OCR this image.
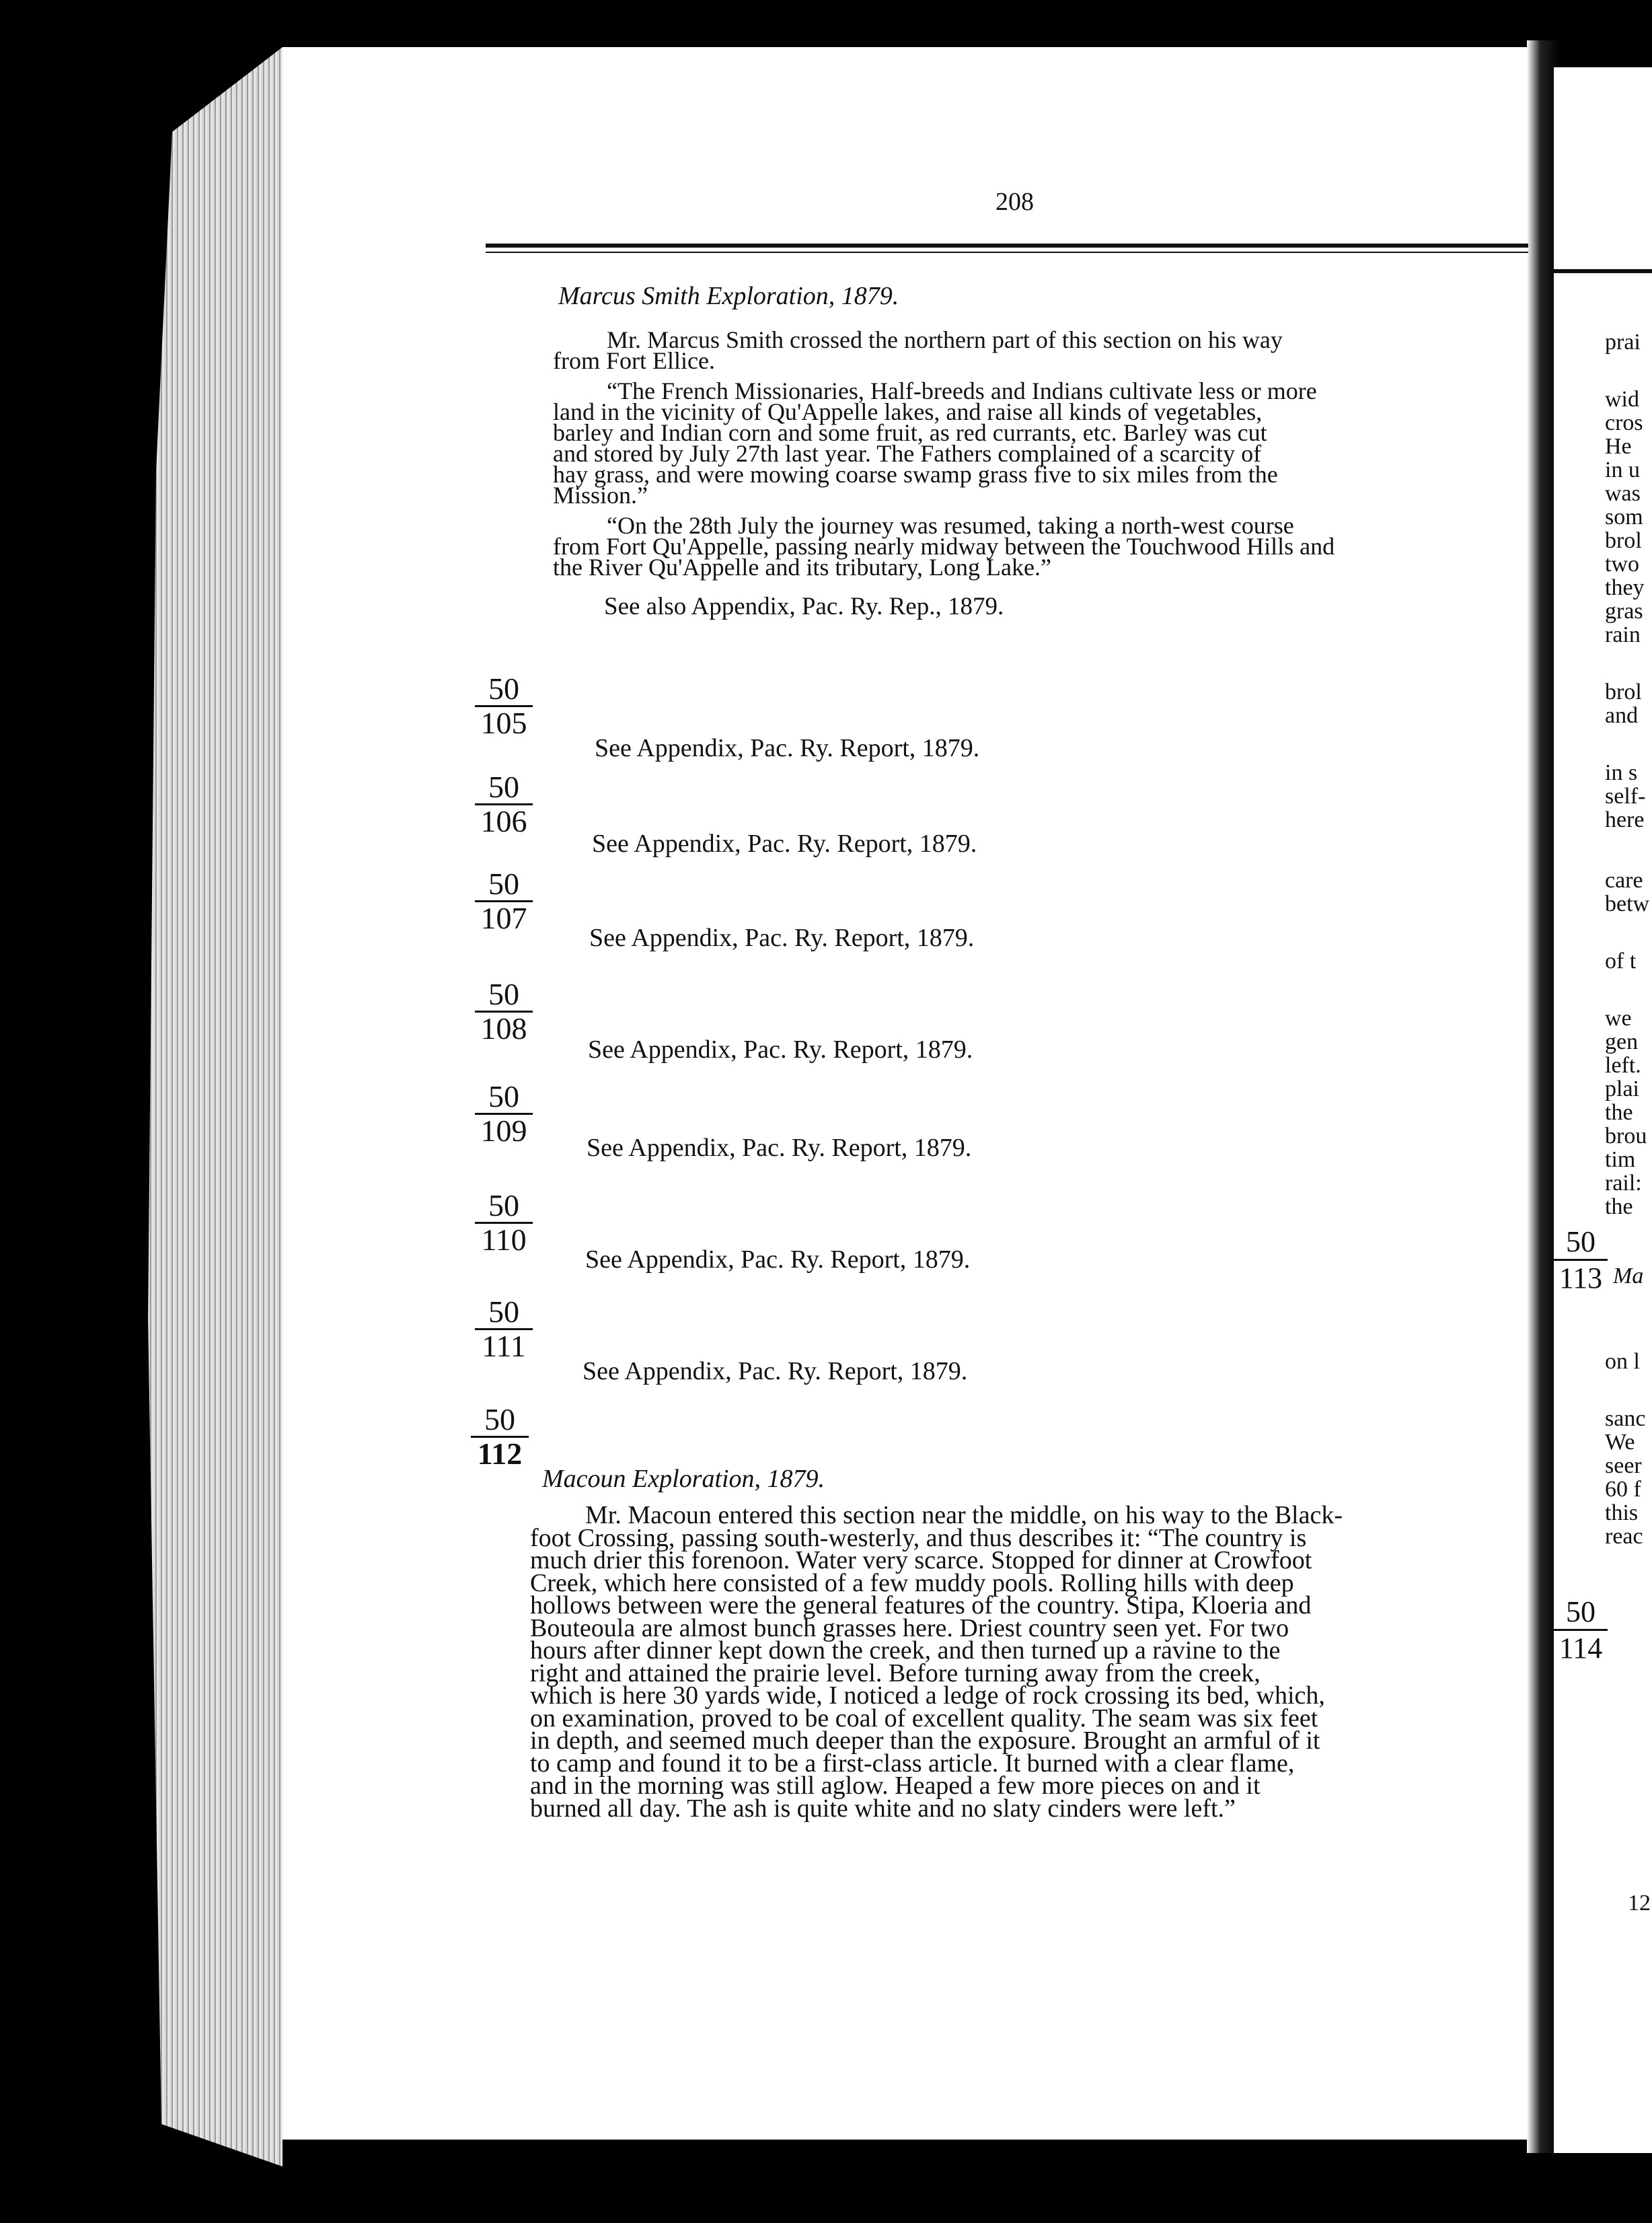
prai
wid
cros
He
in u
was
som
brol
two
they
gras
rain
brol
and
in s
self-
here
care
betw
of t
we
gen
left.
plai
the
brou
tim
rail:
the
$\frac{50}{113}$ Ma
on l
sanc
We
seer
60 f
this
reac
$\frac{50}{114}$
12
208
Marcus Smith Exploration, 1879.
Mr. Marcus Smith crossed the northern part of this section on his way
from Fort Ellice.
“The French Missionaries, Half-breeds and Indians cultivate less or more
land in the vicinity of Qu'Appelle lakes, and raise all kinds of vegetables,
barley and Indian corn and some fruit, as red currants, etc. Barley was cut
and stored by July 27th last year. The Fathers complained of a scarcity of
hay grass, and were mowing coarse swamp grass five to six miles from the
Mission.”
“On the 28th July the journey was resumed, taking a north-west course
from Fort Qu'Appelle, passing nearly midway between the Touchwood Hills and
the River Qu'Appelle and its tributary, Long Lake.”
See also Appendix, Pac. Ry. Rep., 1879.
$\frac{50}{105}$
See Appendix, Pac. Ry. Report, 1879.
$\frac{50}{106}$
See Appendix, Pac. Ry. Report, 1879.
$\frac{50}{107}$
See Appendix, Pac. Ry. Report, 1879.
$\frac{50}{108}$
See Appendix, Pac. Ry. Report, 1879.
$\frac{50}{109}$
See Appendix, Pac. Ry. Report, 1879.
$\frac{50}{110}$
See Appendix, Pac. Ry. Report, 1879.
$\frac{50}{111}$
See Appendix, Pac. Ry. Report, 1879.
$\frac{50}{112}$
Macoun Exploration, 1879.
Mr. Macoun entered this section near the middle, on his way to the Black-
foot Crossing, passing south-westerly, and thus describes it: “The country is
much drier this forenoon. Water very scarce. Stopped for dinner at Crowfoot
Creek, which here consisted of a few muddy pools. Rolling hills with deep
hollows between were the general features of the country. Stipa, Kloeria and
Bouteoula are almost bunch grasses here. Driest country seen yet. For two
hours after dinner kept down the creek, and then turned up a ravine to the
right and attained the prairie level. Before turning away from the creek,
which is here 30 yards wide, I noticed a ledge of rock crossing its bed, which,
on examination, proved to be coal of excellent quality. The seam was six feet
in depth, and seemed much deeper than the exposure. Brought an armful of it
to camp and found it to be a first-class article. It burned with a clear flame,
and in the morning was still aglow. Heaped a few more pieces on and it
burned all day. The ash is quite white and no slaty cinders were left.”
